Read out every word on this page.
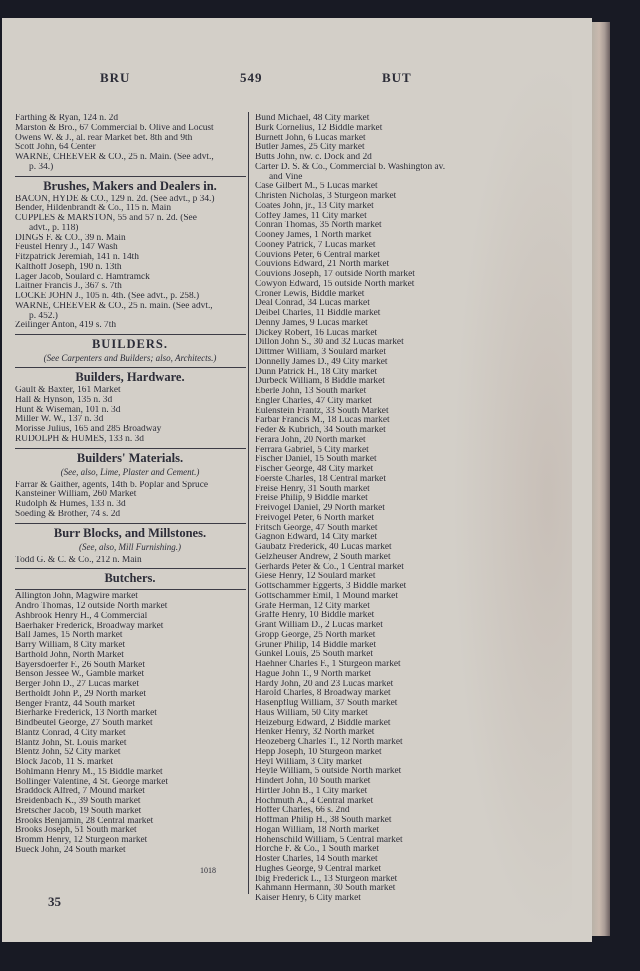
BRU	549	BUT
Farthing & Ryan, 124 n. 2d
Marston & Bro., 67 Commercial b. Olive and Locust
Owens W. & J., al. rear Market bet. 8th and 9th
Scott John, 64 Center
WARNE, CHEEVER & CO., 25 n. Main. (See advt.,
p. 34.)
Brushes, Makers and Dealers in.
BACON, HYDE & CO., 129 n. 2d. (See advt., p 34.)
Bender, Hildenbrandt & Co., 115 n. Main
CUPPLES & MARSTON, 55 and 57 n. 2d. (See
advt., p. 118)
DINGS F. & CO., 39 n. Main
Feustel Henry J., 147 Wash
Fitzpatrick Jeremiah, 141 n. 14th
Kalthoff Joseph, 190 n. 13th
Lager Jacob, Soulard c. Hamtramck
Laitner Francis J., 367 s. 7th
LOCKE JOHN J., 105 n. 4th. (See advt., p. 258.)
WARNE, CHEEVER & CO., 25 n. main. (See advt.,
p. 452.)
Zeilinger Anton, 419 s. 7th
BUILDERS.
(See Carpenters and Builders; also, Architects.)
Builders, Hardware.
Gault & Baxter, 161 Market
Hall & Hynson, 135 n. 3d
Hunt & Wiseman, 101 n. 3d
Miller W. W., 137 n. 3d
Morisse Julius, 165 and 285 Broadway
RUDOLPH & HUMES, 133 n. 3d
Builders' Materials.
(See, also, Lime, Plaster and Cement.)
Farrar & Gaither, agents, 14th b. Poplar and Spruce
Kansteiner William, 260 Market
Rudolph & Humes, 133 n. 3d
Soeding & Brother, 74 s. 2d
Burr Blocks, and Millstones.
(See, also, Mill Furnishing.)
Todd G. & C. & Co., 212 n. Main
Butchers.
Allington John, Magwire market
Andro Thomas, 12 outside North market
Ashbrook Henry H., 4 Commercial
Baerhaker Frederick, Broadway market
Ball James, 15 North market
Barry William, 8 City market
Barthold John, North Market
Bayersdoerfer F., 26 South Market
Benson Jessee W., Gamble market
Berger John D., 27 Lucas market
Bertholdt John P., 29 North market
Benger Frantz, 44 South market
Bierharke Frederick, 13 North market
Bindbeutel George, 27 South market
Blantz Conrad, 4 City market
Blantz John, St. Louis market
Blentz John, 52 City market
Block Jacob, 11 S. market
Bohlmann Henry M., 15 Biddle market
Bollinger Valentine, 4 St. George market
Braddock Alfred, 7 Mound market
Breidenbach K., 39 South market
Bretscher Jacob, 19 South market
Brooks Benjamin, 28 Central market
Brooks Joseph, 51 South market
Bromm Henry, 12 Sturgeon market
Bueck John, 24 South market
Bund Michael, 48 City market
Burk Cornelius, 12 Biddle market
Burnett John, 6 Lucas market
Butler James, 25 City market
Butts John, nw. c. Dock and 2d
Carter D. S. & Co., Commercial b. Washington av.
and Vine
Case Gilbert M., 5 Lucas market
Christen Nicholas, 3 Sturgeon market
Coates John, jr., 13 City market
Coffey James, 11 City market
Conran Thomas, 35 North market
Cooney James, 1 North market
Cooney Patrick, 7 Lucas market
Couvions Peter, 6 Central market
Couvions Edward, 21 North market
Couvions Joseph, 17 outside North market
Cowyon Edward, 15 outside North market
Croner Lewis, Biddle market
Deal Conrad, 34 Lucas market
Deibel Charles, 11 Biddle market
Denny James, 9 Lucas market
Dickey Robert, 16 Lucas market
Dillon John S., 30 and 32 Lucas market
Dittmer William, 3 Soulard market
Donnelly James D., 49 City market
Dunn Patrick H., 18 City market
Durbeck William, 8 Biddle market
Eberle John, 13 South market
Engler Charles, 47 City market
Eulenstein Frantz, 33 South Market
Farbar Francis M., 18 Lucas market
Feder & Kubrich, 34 South market
Ferara John, 20 North market
Ferrara Gabriel, 5 City market
Fischer Daniel, 15 South market
Fischer George, 48 City market
Foerste Charles, 18 Central market
Freise Henry, 31 South market
Freise Philip, 9 Biddle market
Freivogel Daniel, 29 North market
Freivogel Peter, 6 North market
Fritsch George, 47 South market
Gagnon Edward, 14 City market
Gaubatz Frederick, 40 Lucas market
Gelzheuser Andrew, 2 South market
Gerhards Peter & Co., 1 Central market
Giese Henry, 12 Soulard market
Gottschammer Eggerts, 3 Biddle market
Gottschammer Emil, 1 Mound market
Grafe Herman, 12 City market
Graffe Henry, 10 Biddle market
Grant William D., 2 Lucas market
Gropp George, 25 North market
Gruner Philip, 14 Biddle market
Gunkel Louis, 25 South market
Haehner Charles F., 1 Sturgeon market
Hague John T., 9 North market
Hardy John, 20 and 23 Lucas market
Harold Charles, 8 Broadway market
Hasenpflug William, 37 South market
Haus William, 50 City market
Heizeburg Edward, 2 Biddle market
Henker Henry, 32 North market
Heozeberg Charles T., 12 North market
Hepp Joseph, 10 Sturgeon market
Heyl William, 3 City market
Heyle William, 5 outside North market
Hindert John, 10 South market
Hirtler John B., 1 City market
Hochmuth A., 4 Central market
Hoffer Charles, 66 s. 2nd
Hoffman Philip H., 38 South market
Hogan William, 18 North market
Hohenschild William, 5 Central market
Horche F. & Co., 1 South market
Hoster Charles, 14 South market
Hughes George, 9 Central market
Ibig Frederick L., 13 Sturgeon market
Kahmann Hermann, 30 South market
Kaiser Henry, 6 City market
1018
35
